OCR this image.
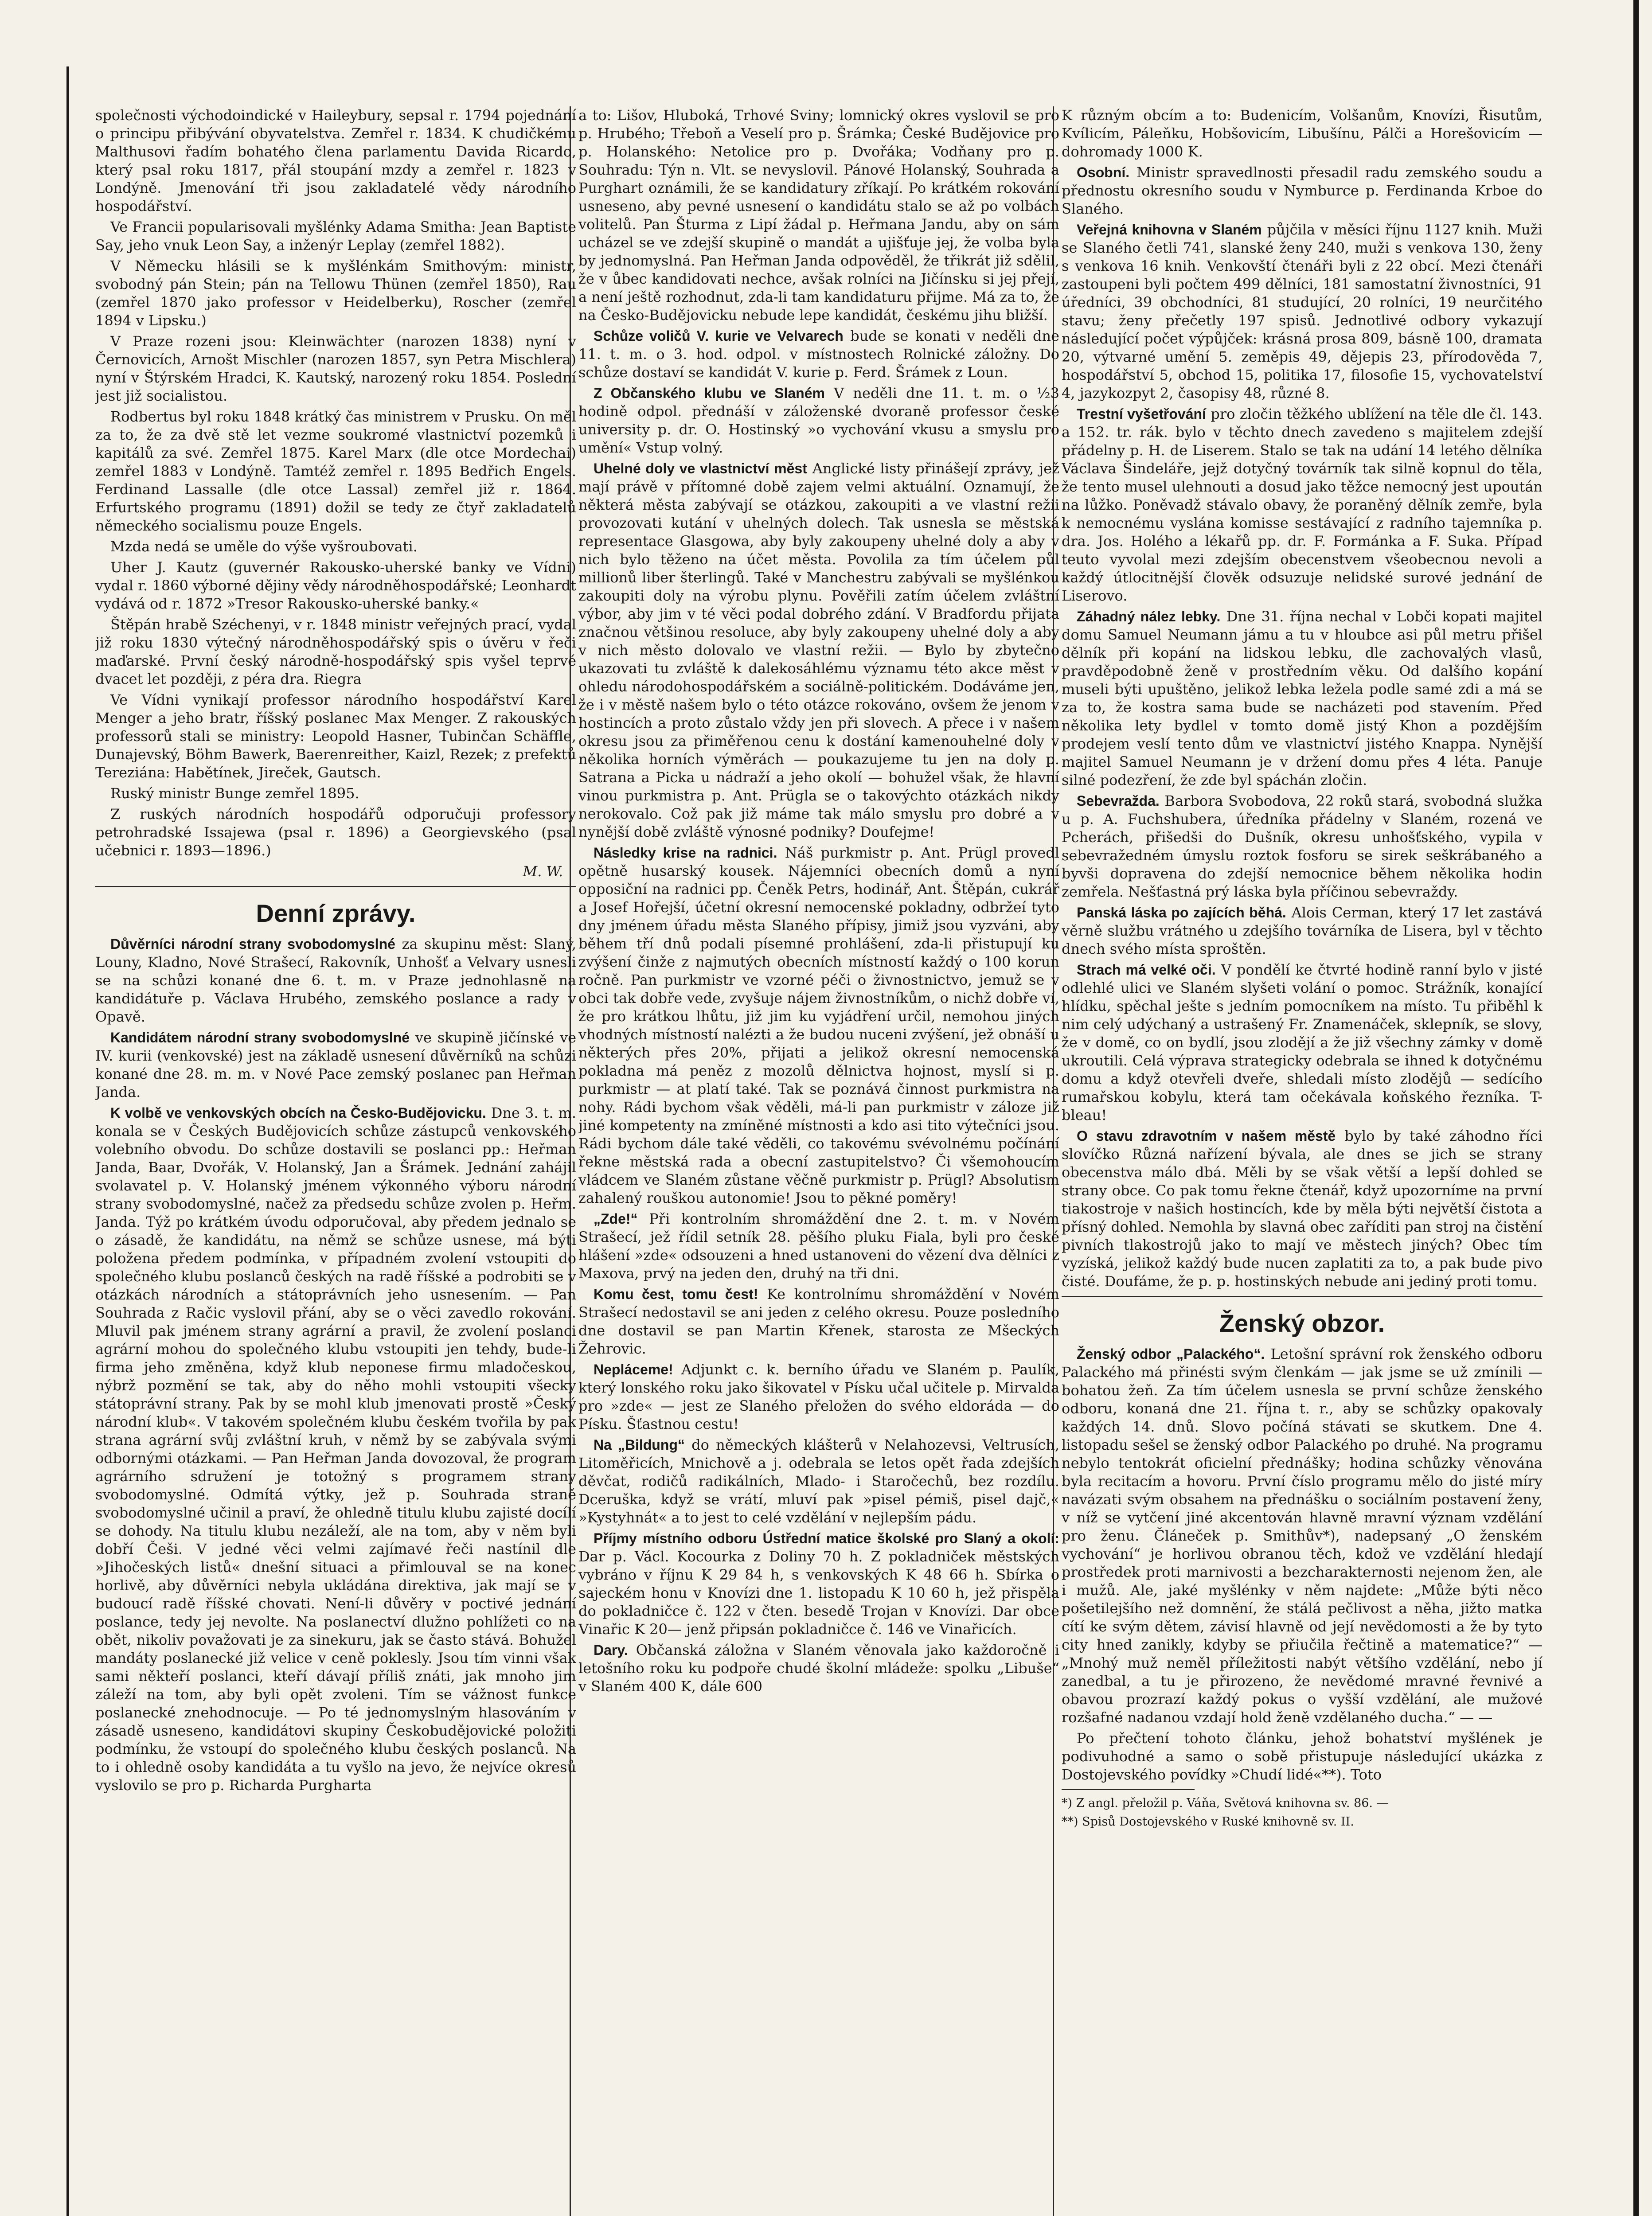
společnosti východoindické v Haileybury, sepsal r. 1794 pojednání o principu přibývání obyvatelstva. Zemřel r. 1834. K chudičkému Malthusovi řadím bohatého člena parlamentu Davida Ricardo, který psal roku 1817, přál stoupání mzdy a zemřel r. 1823 v Londýně. Jmenování tři jsou zakladatelé vědy národního hospodářství.

Ve Francii popularisovali myšlénky Adama Smitha: Jean Baptiste Say, jeho vnuk Leon Say, a inženýr Leplay (zemřel 1882).

V Německu hlásili se k myšlénkám Smithovým: ministr, svobodný pán Stein; pán na Tellowu Thünen (zemřel 1850), Rau (zemřel 1870 jako professor v Heidelberku), Roscher (zemřel 1894 v Lipsku.)

V Praze rozeni jsou: Kleinwächter (narozen 1838) nyní v Černovicích, Arnošt Mischler (narozen 1857, syn Petra Mischlera) nyní v Štýrském Hradci, K. Kautský, narozený roku 1854. Poslední jest již socialistou.

Rodbertus byl roku 1848 krátký čas ministrem v Prusku. On měl za to, že za dvě stě let vezme soukromé vlastnictví pozemků i kapitálů za své. Zemřel 1875. Karel Marx (dle otce Mordechai) zemřel 1883 v Londýně. Tamtéž zemřel r. 1895 Bedřich Engels. Ferdinand Lassalle (dle otce Lassal) zemřel již r. 1864. Erfurtského programu (1891) dožil se tedy ze čtyř zakladatelů německého socialismu pouze Engels.

Mzda nedá se uměle do výše vyšroubovati.

Uher J. Kautz (guvernér Rakousko-uherské banky ve Vídni) vydal r. 1860 výborné dějiny vědy národněhospodářské; Leonhardt vydává od r. 1872 »Tresor Rakousko-uherské banky.«

Štěpán hrabě Széchenyi, v r. 1848 ministr veřejných prací, vydal již roku 1830 výtečný národněhospodářský spis o úvěru v řeči maďarské. První český národně-hospodářský spis vyšel teprvé dvacet let později, z péra dra. Riegra

Ve Vídni vynikají professor národního hospodářství Karel Menger a jeho bratr, říšský poslanec Max Menger. Z rakouských professorů stali se ministry: Leopold Hasner, Tubinčan Schäffle, Dunajevský, Böhm Bawerk, Baerenreither, Kaizl, Rezek; z prefektů Tereziána: Habětínek, Jireček, Gautsch.

Ruský ministr Bunge zemřel 1895.

Z ruských národních hospodářů odporučuji professory petrohradské Issajewa (psal r. 1896) a Georgievského (psal učebnici r. 1893—1896.)

M. W.
Denní zprávy.

Důvěrníci národní strany svobodomyslné za skupinu měst: Slaný, Louny, Kladno, Nové Strašecí, Rakovník, Unhošť a Velvary usnesli se na schůzi konané dne 6. t. m. v Praze jednohlasně na kandidátuře p. Václava Hrubého, zemského poslance a rady v Opavě.

Kandidátem národní strany svobodomyslné ve skupině jičínské ve IV. kurii (venkovské) jest na základě usnesení důvěrníků na schůzi konané dne 28. m. m. v Nové Pace zemský poslanec pan Heřman Janda.

K volbě ve venkovských obcích na Česko-Budějovicku. Dne 3. t. m. konala se v Českých Budějovicích schůze zástupců venkovského volebního obvodu. Do schůze dostavili se poslanci pp.: Heřman Janda, Baar, Dvořák, V. Holanský, Jan a Šrámek. Jednání zahájil svolavatel p. V. Holanský jménem výkonného výboru národní strany svobodomyslné, načež za předsedu schůze zvolen p. Heřm. Janda. Týž po krátkém úvodu odporučoval, aby předem jednalo se o zásadě, že kandidátu, na němž se schůze usnese, má býti položena předem podmínka, v případném zvolení vstoupiti do společného klubu poslanců českých na radě říšské a podrobiti se v otázkách národních a státoprávních jeho usnesením. — Pan Souhrada z Račic vyslovil přání, aby se o věci zavedlo rokování. Mluvil pak jménem strany agrární a pravil, že zvolení poslanci agrární mohou do společného klubu vstoupiti jen tehdy, bude-li firma jeho změněna, když klub neponese firmu mladočeskou, nýbrž pozmění se tak, aby do něho mohli vstoupiti všecky státoprávní strany. Pak by se mohl klub jmenovati prostě »Český národní klub«. V takovém společném klubu českém tvořila by pak strana agrární svůj zvláštní kruh, v němž by se zabývala svými odbornými otázkami. — Pan Heřman Janda dovozoval, že program agrárního sdružení je totožný s programem strany svobodomyslné. Odmítá výtky, jež p. Souhrada straně svobodomyslné učinil a praví, že ohledně titulu klubu zajisté docílí se dohody. Na titulu klubu nezáleží, ale na tom, aby v něm byli dobří Češi. V jedné věci velmi zajímavé řeči nastínil dle »Jihočeských listů« dnešní situaci a přimlouval se na konec horlivě, aby důvěrníci nebyla ukládána direktiva, jak mají se v budoucí radě říšské chovati. Není-li důvěry v poctivé jednání poslance, tedy jej nevolte. Na poslanectví dlužno pohlížeti co na obět, nikoliv považovati je za sinekuru, jak se často stává. Bohužel mandáty poslanecké již velice v ceně poklesly. Jsou tím vinni však sami někteří poslanci, kteří dávají příliš znáti, jak mnoho jim záleží na tom, aby byli opět zvoleni. Tím se vážnost funkce poslanecké znehodnocuje. — Po té jednomyslným hlasováním v zásadě usneseno, kandidátovi skupiny Českobudějovické položiti podmínku, že vstoupí do společného klubu českých poslanců. Na to i ohledně osoby kandidáta a tu vyšlo na jevo, že nejvíce okresů vyslovilo se pro p. Richarda Purgharta

a to: Lišov, Hluboká, Trhové Sviny; lomnický okres vyslovil se pro p. Hrubého; Třeboň a Veselí pro p. Šrámka; České Budějovice pro p. Holanského: Netolice pro p. Dvořáka; Vodňany pro p. Souhradu: Týn n. Vlt. se nevyslovil. Pánové Holanský, Souhrada a Purghart oznámili, že se kandidatury zříkají. Po krátkém rokování usneseno, aby pevné usnesení o kandidátu stalo se až po volbách volitelů. Pan Šturma z Lipí žádal p. Heřmana Jandu, aby on sám ucházel se ve zdejší skupině o mandát a ujišťuje jej, že volba byla by jednomyslná. Pan Heřman Janda odpověděl, že třikrát již sdělil, že v ůbec kandidovati nechce, avšak rolníci na Jičínsku si jej přejí, a není ještě rozhodnut, zda-li tam kandidaturu přijme. Má za to, že na Česko-Budějovicku nebude lepe kandidát, českému jihu bližší.

Schůze voličů V. kurie ve Velvarech bude se konati v neděli dne 11. t. m. o 3. hod. odpol. v místnostech Rolnické záložny. Do schůze dostaví se kandidát V. kurie p. Ferd. Šrámek z Loun.

Z Občanského klubu ve Slaném V neděli dne 11. t. m. o ½3 hodině odpol. přednáší v záloženské dvoraně professor české university p. dr. O. Hostinský »o vychování vkusu a smyslu pro umění« Vstup volný.

Uhelné doly ve vlastnictví měst Anglické listy přinášejí zprávy, jež mají právě v přítomné době zajem velmi aktuální. Oznamují, že některá města zabývají se otázkou, zakoupiti a ve vlastní režii provozovati kutání v uhelných dolech. Tak usnesla se městská representace Glasgowa, aby byly zakoupeny uhelné doly a aby v nich bylo těženo na účet města. Povolila za tím účelem půl millionů liber šterlingů. Také v Manchestru zabývali se myšlénkou zakoupiti doly na výrobu plynu. Pověřili zatím účelem zvláštní výbor, aby jim v té věci podal dobrého zdání. V Bradfordu přijata značnou většinou resoluce, aby byly zakoupeny uhelné doly a aby v nich město dolovalo ve vlastní režii. — Bylo by zbytečno ukazovati tu zvláště k dalekosáhlému významu této akce měst v ohledu národohospodářském a sociálně-politickém. Dodáváme jen, že i v městě našem bylo o této otázce rokováno, ovšem že jenom v hostincích a proto zůstalo vždy jen při slovech. A přece i v našem okresu jsou za přiměřenou cenu k dostání kamenouhelné doly v několika horních výměrách — poukazujeme tu jen na doly p. Satrana a Picka u nádraží a jeho okolí — bohužel však, že hlavní vinou purkmistra p. Ant. Prügla se o takovýchto otázkách nikdy nerokovalo. Což pak již máme tak málo smyslu pro dobré a v nynější době zvláště výnosné podniky? Doufejme!

Následky krise na radnici. Náš purkmistr p. Ant. Prügl provedl opětně husarský kousek. Nájemníci obecních domů a nyní opposiční na radnici pp. Čeněk Petrs, hodinář, Ant. Štěpán, cukrář a Josef Hořejší, účetní okresní nemocenské pokladny, odbržeí tyto dny jménem úřadu města Slaného přípisy, jimiž jsou vyzváni, aby během tří dnů podali písemné prohlášení, zda-li přistupují ku zvýšení činže z najmutých obecních místností každý o 100 korun ročně. Pan purkmistr ve vzorné péči o živnostnictvo, jemuž se v obci tak dobře vede, zvyšuje nájem živnostníkům, o nichž dobře ví, že pro krátkou lhůtu, již jim ku vyjádření určil, nemohou jiných vhodných místností nalézti a že budou nuceni zvýšení, jež obnáší u některých přes 20%, přijati a jelikož okresní nemocenská pokladna má peněz z mozolů dělnictva hojnost, myslí si p. purkmistr — at platí také. Tak se poznává činnost purkmistra na nohy. Rádi bychom však věděli, má-li pan purkmistr v záloze již jiné kompetenty na zmíněné místnosti a kdo asi tito výtečníci jsou. Rádi bychom dále také věděli, co takovému svévolnému počínání řekne městská rada a obecní zastupitelstvo? Či všemohoucím vládcem ve Slaném zůstane věčně purkmistr p. Prügl? Absolutism zahalený rouškou autonomie! Jsou to pěkné poměry!

„Zde!“ Při kontrolním shromáždění dne 2. t. m. v Novém Strašecí, jež řídil setník 28. pěšího pluku Fiala, byli pro české hlášení »zde« odsouzeni a hned ustanoveni do vězení dva dělníci z Maxova, prvý na jeden den, druhý na tři dni.

Komu čest, tomu čest! Ke kontrolnímu shromáždění v Novém Strašecí nedostavil se ani jeden z celého okresu. Pouze posledního dne dostavil se pan Martin Křenek, starosta ze Mšeckých Žehrovic.

Nepláceme! Adjunkt c. k. berního úřadu ve Slaném p. Paulík, který lonského roku jako šikovatel v Písku učal učitele p. Mirvalda pro »zde« — jest ze Slaného přeložen do svého eldoráda — do Písku. Šťastnou cestu!

Na „Bildung“ do německých klášterů v Nelahozevsi, Veltrusích, Litoměřicích, Mnichově a j. odebrala se letos opět řada zdejších děvčat, rodičů radikálních, Mlado- i Staročechů, bez rozdílu. Dceruška, když se vrátí, mluví pak »pisel pémiš, pisel dajč,« »Kystyhnát« a to jest to celé vzdělání v nejlepším pádu.

Příjmy místního odboru Ústřední matice školské pro Slaný a okolí: Dar p. Václ. Kocourka z Doliny 70 h. Z pokladniček městských vybráno v říjnu K 29 84 h, s venkovských K 48 66 h. Sbírka o sajeckém honu v Knovízi dne 1. listopadu K 10 60 h, jež přispěla do pokladničce č. 122 v čten. besedě Trojan v Knovízi. Dar obce Vinařic K 20— jenž připsán pokladničce č. 146 ve Vinařicích.

Dary. Občanská záložna v Slaném věnovala jako každoročně i letošního roku ku podpoře chudé školní mládeže: spolku „Libuše“ v Slaném 400 K, dále 600

K různým obcím a to: Budenicím, Volšanům, Knovízi, Řisutům, Kvílicím, Páleňku, Hobšovicím, Libušínu, Pálči a Horešovicím — dohromady 1000 K.

Osobní. Ministr spravedlnosti přesadil radu zemského soudu a přednostu okresního soudu v Nymburce p. Ferdinanda Krboe do Slaného.

Veřejná knihovna v Slaném půjčila v měsíci říjnu 1127 knih. Muži se Slaného četli 741, slanské ženy 240, muži s venkova 130, ženy s venkova 16 knih. Venkovští čtenáři byli z 22 obcí. Mezi čtenáři zastoupeni byli počtem 499 dělníci, 181 samostatní živnostníci, 91 úředníci, 39 obchodníci, 81 studující, 20 rolníci, 19 neurčitého stavu; ženy přečetly 197 spisů. Jednotlivé odbory vykazují následující počet výpůjček: krásná prosa 809, básně 100, dramata 20, výtvarné umění 5. zeměpis 49, dějepis 23, přírodověda 7, hospodářství 5, obchod 15, politika 17, filosofie 15, vychovatelství 4, jazykozpyt 2, časopisy 48, různé 8.

Trestní vyšetřování pro zločin těžkého ublížení na těle dle čl. 143. a 152. tr. rák. bylo v těchto dnech zavedeno s majitelem zdejší přádelny p. H. de Liserem. Stalo se tak na udání 14 letého dělníka Václava Šindeláře, jejž dotyčný továrník tak silně kopnul do těla, že tento musel ulehnouti a dosud jako těžce nemocný jest upoután na lůžko. Poněvadž stávalo obavy, že poraněný dělník zemře, byla k nemocnému vyslána komisse sestávající z radního tajemníka p. dra. Jos. Holého a lékařů pp. dr. F. Formánka a F. Suka. Případ teuto vyvolal mezi zdejším obecenstvem všeobecnou nevoli a každý útlocitnější člověk odsuzuje nelidské surové jednání de Liserovo.

Záhadný nález lebky. Dne 31. října nechal v Lobči kopati majitel domu Samuel Neumann jámu a tu v hloubce asi půl metru přišel dělník při kopání na lidskou lebku, dle zachovalých vlasů, pravděpodobně ženě v prostředním věku. Od dalšího kopání museli býti upuštěno, jelikož lebka ležela podle samé zdi a má se za to, že kostra sama bude se nacházeti pod stavením. Před několika lety bydlel v tomto domě jistý Khon a pozdějším prodejem veslí tento dům ve vlastnictví jistého Knappa. Nynější majitel Samuel Neumann je v držení domu přes 4 léta. Panuje silné podezření, že zde byl spáchán zločin.

Sebevražda. Barbora Svobodova, 22 roků stará, svobodná služka u p. A. Fuchshubera, úředníka přádelny v Slaném, rozená ve Pcherách, přišedši do Dušník, okresu unhošťského, vypila v sebevražedném úmyslu roztok fosforu se sirek seškrábaného a byvši dopravena do zdejší nemocnice během několika hodin zemřela. Nešťastná prý láska byla příčinou sebevraždy.

Panská láska po zajících běhá. Alois Cerman, který 17 let zastává věrně službu vrátného u zdejšího továrníka de Lisera, byl v těchto dnech svého místa sproštěn.

Strach má velké oči. V pondělí ke čtvrté hodině ranní bylo v jisté odlehlé ulici ve Slaném slyšeti volání o pomoc. Strážník, konající hlídku, spěchal ješte s jedním pomocníkem na místo. Tu přiběhl k nim celý udýchaný a ustrašený Fr. Znamenáček, sklepník, se slovy, že v domě, co on bydlí, jsou zlodějí a že již všechny zámky v domě ukroutili. Celá výprava strategicky odebrala se ihned k dotyčnému domu a když otevřeli dveře, shledali místo zlodějů — sedícího rumařskou kobylu, která tam očekávala koňského řezníka. T-bleau!

O stavu zdravotním v našem městě bylo by také záhodno říci slovíčko Různá nařízení bývala, ale dnes se jich se strany obecenstva málo dbá. Měli by se však větší a lepší dohled se strany obce. Co pak tomu řekne čtenář, když upozorníme na první tiakostroje v našich hostincích, kde by měla býti největší čistota a přísný dohled. Nemohla by slavná obec zaříditi pan stroj na čistění pivních tlakostrojů jako to mají ve městech jiných? Obec tím vyzíská, jelikož každý bude nucen zaplatiti za to, a pak bude pivo čisté. Doufáme, že p. p. hostinských nebude ani jediný proti tomu.

Ženský obzor.

Ženský odbor „Palackého“. Letošní správní rok ženského odboru Palackého má přinésti svým členkám — jak jsme se už zmínili — bohatou žeň. Za tím účelem usnesla se první schůze ženského odboru, konaná dne 21. října t. r., aby se schůzky opakovaly každých 14. dnů. Slovo počíná stávati se skutkem. Dne 4. listopadu sešel se ženský odbor Palackého po druhé. Na programu nebylo tentokrát oficielní přednášky; hodina schůzky věnována byla recitacím a hovoru. První číslo programu mělo do jisté míry navázati svým obsahem na přednášku o sociálním postavení ženy, v níž se vytčení jiné akcentován hlavně mravní význam vzdělání pro ženu. Článeček p. Smithův*), nadepsaný „O ženském vychování“ je horlivou obranou těch, kdož ve vzdělání hledají prostředek proti marnivosti a bezcharakternosti nejenom žen, ale i mužů. Ale, jaké myšlénky v něm najdete: „Může býti něco pošetilejšího než domnění, že stálá pečlivost a něha, jižto matka cítí ke svým dětem, závisí hlavně od její nevědomosti a že by tyto city hned zanikly, kdyby se přiučila řečtině a matematice?“ — „Mnohý muž neměl příležitosti nabýt většího vzdělání, nebo jí zanedbal, a tu je přirozeno, že nevědomé mravné řevnivé a obavou prozrazí každý pokus o vyšší vzdělání, ale mužové rozšafné nadanou vzdají hold ženě vzdělaného ducha.“ — —

Po přečtení tohoto článku, jehož bohatství myšlének je podivuhodné a samo o sobě přistupuje následující ukázka z Dostojevského povídky »Chudí lidé«**). Toto

*) Z angl. přeložil p. Váňa, Světová knihovna sv. 86. —

**) Spisů Dostojevského v Ruské knihovně sv. II.
